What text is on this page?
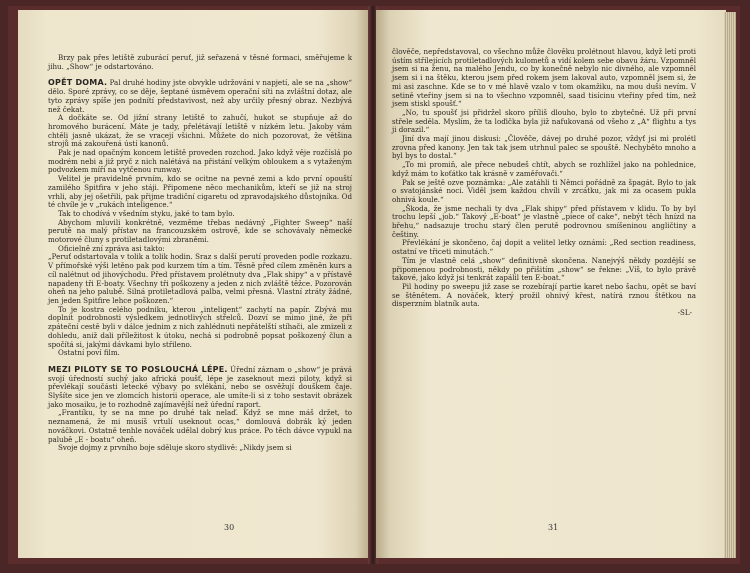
Brzy pak přes letiště zuburácí peruť, již seřazená v těsné formaci, směřujeme k jihu. „Show“ je odstartováno.

OPĚT DOMA. Pal druhé hodiny jste obvykle udržováni v napjetí, ale se na „show“ dělo. Sporé zprávy, co se děje, šeptané úsměvem operační síti na zvláštní dotaz, ale tyto zprávy spíše jen podnítí představivost, než aby určily přesný obraz. Nezbývá než čekat.

A dočkáte se. Od jižní strany letiště to zahučí, hukot se stupňuje až do hromového burácení. Máte je tady, přelétávají letiště v nízkém letu. Jakoby vám chtěli jasně ukázat, že se vracejí všichni. Můžete do nich pozorovat, že většina strojů má zakouřená ústí kanonů.

Pak je nad opačným koncem letiště proveden rozchod. Jako když věje rozčíslá po modrém nebi a již pryč z nich nalétává na přistání velkým obloukem a s vytaženým podvozkem míří na vytčenou runway.

Velitel je pravidelně prvním, kdo se ocitne na pevné zemi a kdo první opouští zamilého Spitfira v jeho stáji. Připomene něco mechanikům, kteří se již na stroj vrhli, aby jej ošetřili, pak přijme tradiční cigaretu od zpravodajského důstojníka. Od té chvíle je v „rukách inteligence.“

Tak to chodívá v všedním styku, jaké to tam bylo.

Abychom mluvili konkrétně, vezměme třebas nedávný „Fighter Sweep“ naší perutě na malý přístav na francouzském ostrově, kde se schovávaly německé motorové čluny s protiletadlovými zbraněmi.

Oficielně zní zpráva asi takto:

„Peruť odstartovala v tolik a tolik hodin. Sraz s další perutí proveden podle rozkazu. V přímořské výši letěno pak pod kurzem tím a tím. Těsně před cílem změněn kurs a cíl nalétnut od jihovýchodu. Před přístavem prolétnuty dva „Flak shipy“ a v přístavě napadeny tři E-boaty. Všechny tři poškozeny a jeden z nich zvláště těžce. Pozorován oheň na jeho palubě. Silná protiletadlová palba, velmi přesná. Vlastní ztráty žádné, jen jeden Spitfire lehce poškozen.“

To je kostra celého podniku, kterou „inteligent“ zachytí na papír. Zbývá mu doplnit podrobnosti výsledkem jednotlivých střelců. Dozví se mimo jiné, že při zpáteční cestě byli v dálce jednim z nich zahlédnuti nepřátelští stíhači, ale zmizeli z dohledu, aniž dali příležitost k útoku, nechá si podrobně popsat poškozený člun a spočítá si, jakými dávkami bylo střileno.

Ostatní poví film.

MEZI PILOTY SE TO POSLOUCHÁ LÉPE. Úřední záznam o „show“ je prává svojí úředností suchý jako africká poušť, lépe je zaseknout mezi piloty, když si převlékají součásti letecké výbavy po svlékání, nebo se osvěžují douškem čaje. Slyšíte sice jen ve zlomcích historii operace, ale umíte-li si z toho sestavit obrázek jako mosaiku, je to rozhodně zajímavější než úřední raport.

„Frantíku, ty se na mne po druhé tak nelaď. Když se mne máš držet, to neznamená, že mi musíš vrtulí useknout ocas,“ domlouvá dobrák ký jeden nováčkovi. Ostatně tenhle nováček udělal dobrý kus práce. Po těch dávce vypukl na palubě „E - boatu“ oheň.

Svoje dojmy z prvního boje sděluje skoro stydlivě: „Nikdy jsem si

30

člověče, nepředstavoval, co všechno může člověku prolétnout hlavou, když letí proti ústím střílejících protiletadlových kulometů a vidí kolem sebe obavu žáru. Vzpomněl jsem si na ženu, na malého Jendu, co by konečně nebylo nic divného, ale vzpomněl jsem si i na štěku, kterou jsem před rokem jsem lakoval auto, vzpomněl jsem si, že mi asi zaschne. Kde se to v mé hlavě vzalo v tom okamžiku, na mou duši nevím. V setině vteřiny jsem si na to všechno vzpomněl, saad tisícinu vteřiny před tím, než jsem stiskl spoušť.“

„No, tu spoušť jsi přidržel skoro příliš dlouho, bylo to zbytečné. Už při první střele seděla. Myslím, že ta loďička byla již nafukovaná od všeho z „A“ flightu a tys ji dorazil.“

Jiní dva mají jinou diskusi: „Člověče, dávej po druhé pozor, vždyť jsi mi prolétl zrovna před kanony. Jen tak tak jsem utrhnul palec se spouště. Nechyběto mnoho a byl bys to dostal.“

„To mi promiň, ale přece nebudeš chtít, abych se rozhlížel jako na pohlednice, když mám to koťátko tak krásně v zaměřovači.“

Pak se ještě ozve poznámka: „Ale zatáhli ti Němci pořádně za špagát. Bylo to jak o svatojánské noci. Viděl jsem každou chvíli v zrcátku, jak mi za ocasem pukla ohnivá koule.“

„Škoda, že jsme nechali ty dva „Flak shipy“ před přístavem v klidu. To by byl trochu lepší „job.“ Takový „E-boat“ je vlastně „piece of cake“, nebýt těch hnízd na břehu,“ nadsazuje trochu starý člen perutě podrovnou smíšeninou angličtiny a češtiny.

Převlékání je skončeno, čaj dopit a velitel letky oznámí: „Red section readiness, ostatní ve třiceti minutách.“

Tím je vlastně celá „show“ definitivně skončena. Nanejvýš někdy pozdější se připomenou podrobnosti, někdy po přišitím „show“ se řekne: „Víš, to bylo právě takové, jako když jsi tenkrát zapálil ten E-boat.“

Pil hodiny po sweepu již zase se rozebírají partie karet nebo šachu, opět se baví se štěnětem. A nováček, který prožil ohnivý křest, natírá rznou štětkou na disperzním blatník auta.

-SL-

31
